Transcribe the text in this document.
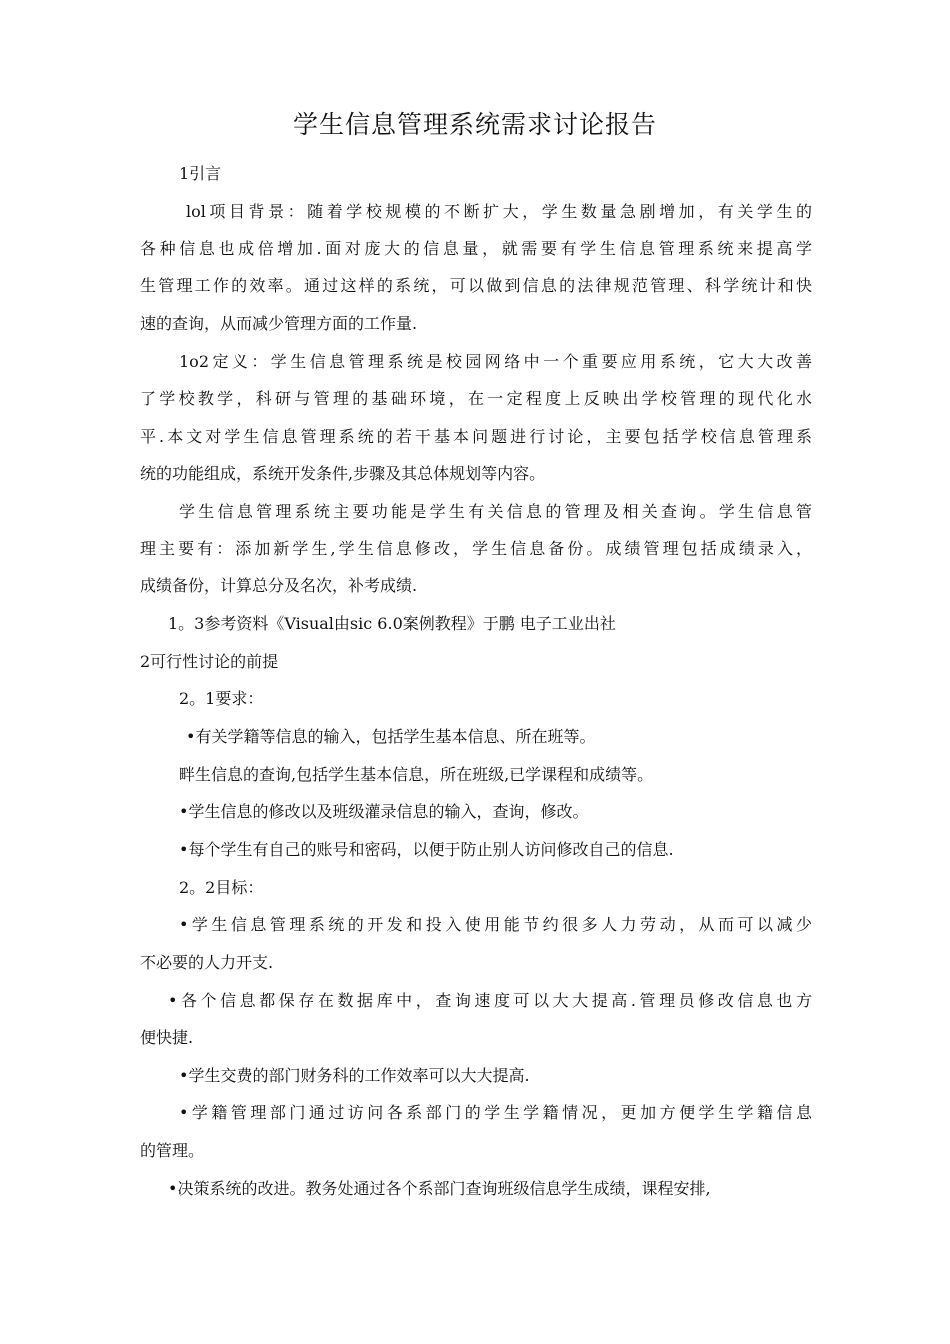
学生信息管理系统需求讨论报告
1引言
lol项目背景：随着学校规模的不断扩大，学生数量急剧增加，有关学生的
各种信息也成倍增加.面对庞大的信息量，就需要有学生信息管理系统来提高学
生管理工作的效率。通过这样的系统，可以做到信息的法律规范管理、科学统计和快
速的查询，从而减少管理方面的工作量.
1o2定义：学生信息管理系统是校园网络中一个重要应用系统，它大大改善
了学校教学，科研与管理的基础环境，在一定程度上反映出学校管理的现代化水
平.本文对学生信息管理系统的若干基本问题进行讨论，主要包括学校信息管理系
统的功能组成，系统开发条件,步骤及其总体规划等内容。
学生信息管理系统主要功能是学生有关信息的管理及相关查询。学生信息管
理主要有：添加新学生,学生信息修改，学生信息备份。成绩管理包括成绩录入，
成绩备份，计算总分及名次，补考成绩.
1。3参考资料《Visual由sic 6.0案例教程》于鹏 电子工业出社
2可行性讨论的前提
2。1要求：
•有关学籍等信息的输入，包括学生基本信息、所在班等。
畔生信息的查询,包括学生基本信息，所在班级,已学课程和成绩等。
•学生信息的修改以及班级灌录信息的输入，查询，修改。
•每个学生有自己的账号和密码，以便于防止别人访问修改自己的信息.
2。2目标：
•学生信息管理系统的开发和投入使用能节约很多人力劳动，从而可以减少
不必要的人力开支.
•各个信息都保存在数据库中，查询速度可以大大提高.管理员修改信息也方
便快捷.
•学生交费的部门财务科的工作效率可以大大提高.
•学籍管理部门通过访问各系部门的学生学籍情况，更加方便学生学籍信息
的管理。
•决策系统的改进。教务处通过各个系部门查询班级信息学生成绩，课程安排,
